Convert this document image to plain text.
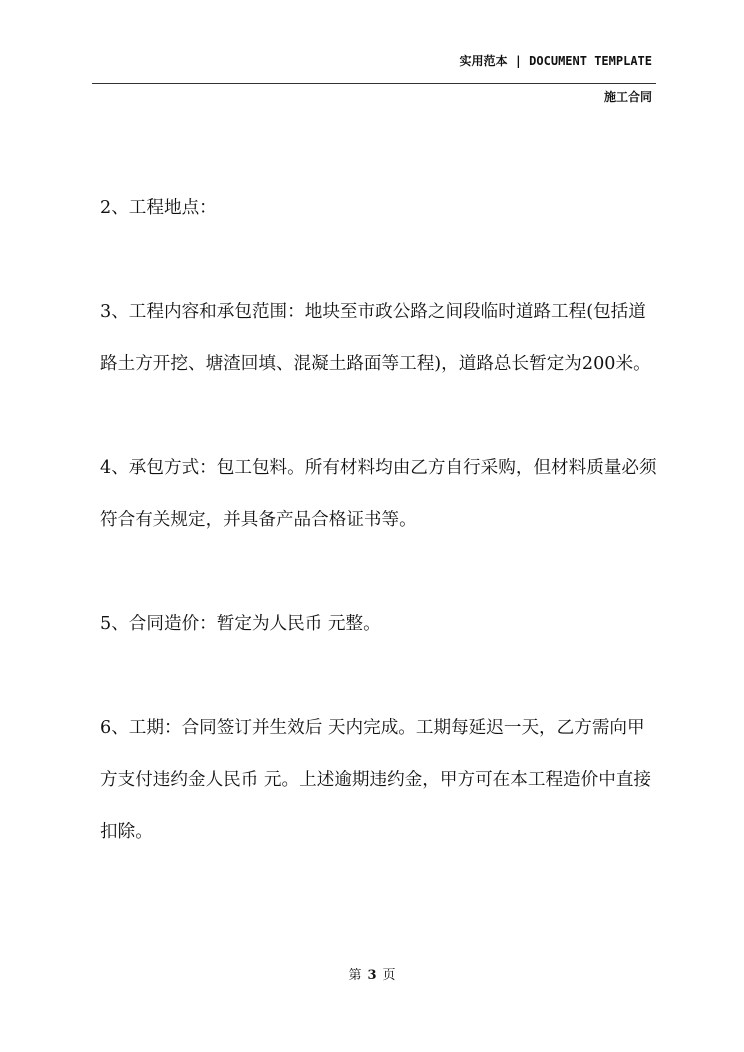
实用范本 | DOCUMENT TEMPLATE
施工合同

2、工程地点：

3、工程内容和承包范围：地块至市政公路之间段临时道路工程(包括道路土方开挖、塘渣回填、混凝土路面等工程)，道路总长暂定为200米。

4、承包方式：包工包料。所有材料均由乙方自行采购，但材料质量必须符合有关规定，并具备产品合格证书等。

5、合同造价：暂定为人民币 元整。

6、工期：合同签订并生效后 天内完成。工期每延迟一天，乙方需向甲方支付违约金人民币 元。上述逾期违约金，甲方可在本工程造价中直接扣除。

第 3 页
